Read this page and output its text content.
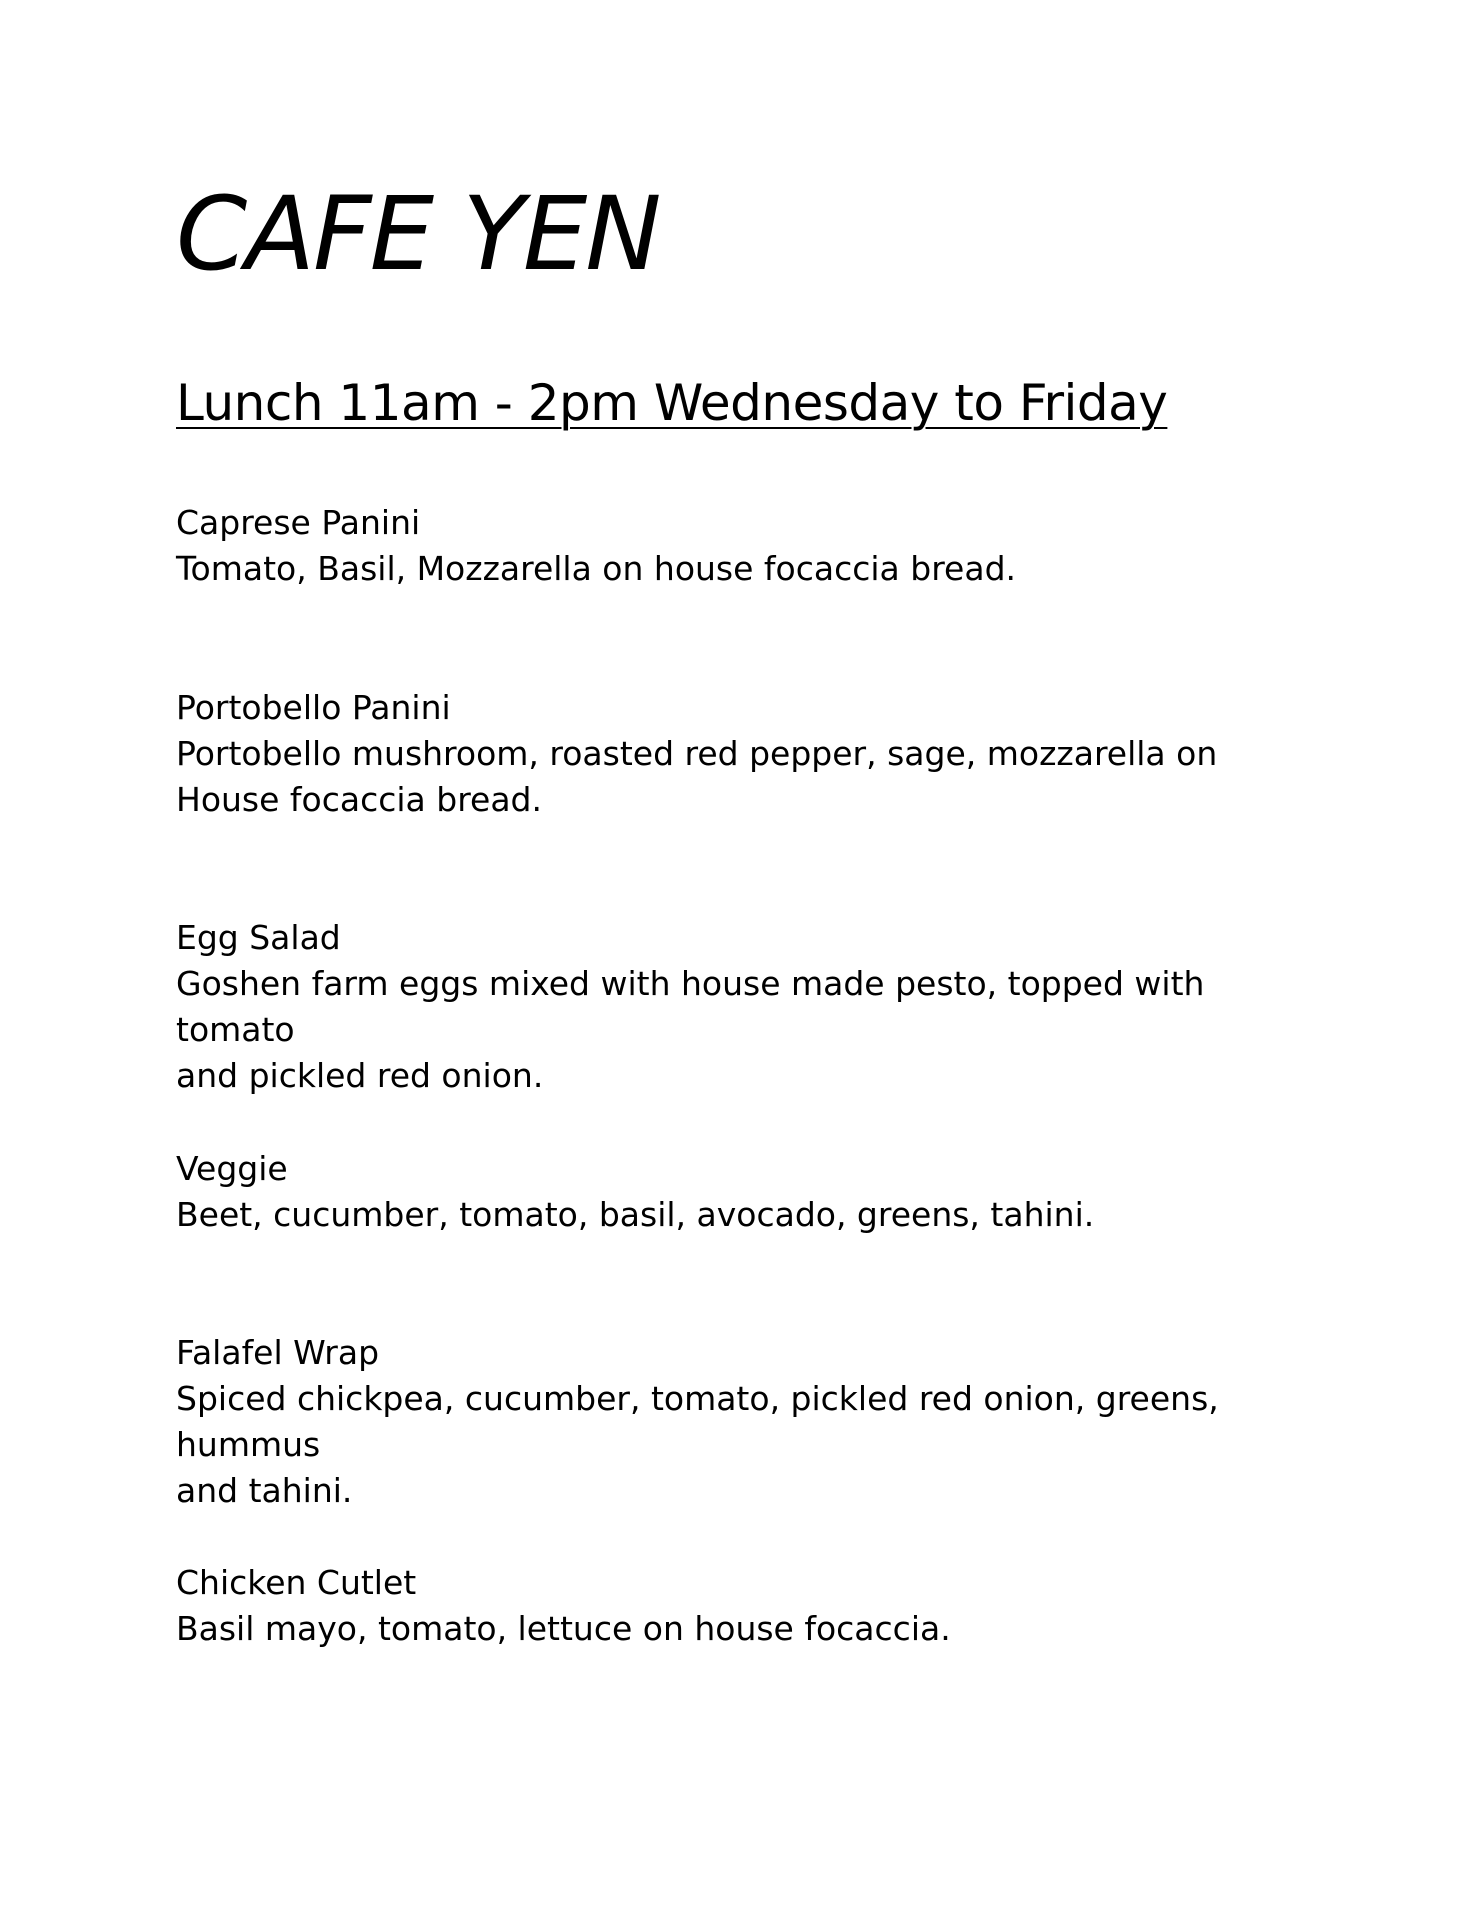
CAFE YEN
Lunch 11am - 2pm Wednesday to Friday
Caprese Panini
Tomato, Basil, Mozzarella on house focaccia bread.
Portobello Panini
Portobello mushroom, roasted red pepper, sage, mozzarella on
House focaccia bread.
Egg Salad
Goshen farm eggs mixed with house made pesto, topped with tomato
and pickled red onion.
Veggie
Beet, cucumber, tomato, basil, avocado, greens, tahini.
Falafel Wrap
Spiced chickpea, cucumber, tomato, pickled red onion, greens, hummus
and tahini.
Chicken Cutlet
Basil mayo, tomato, lettuce on house focaccia.
